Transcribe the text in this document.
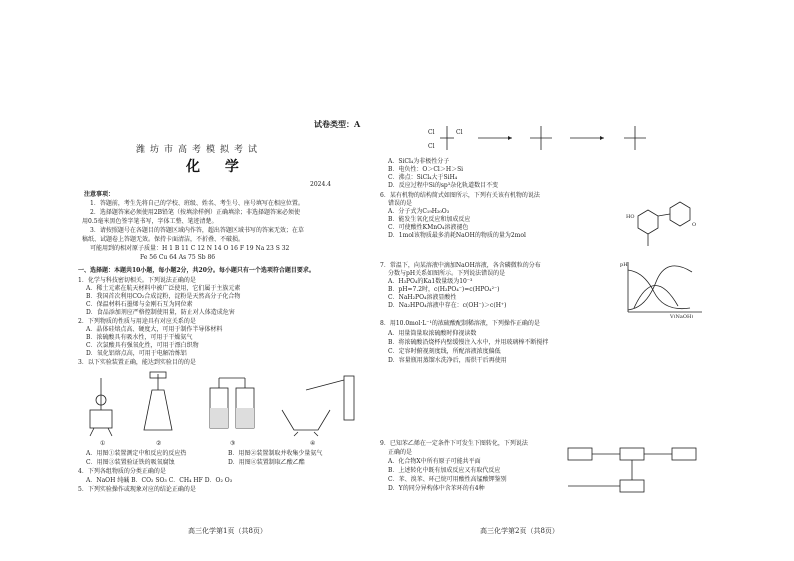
潍坊市高考模拟考试
化 学
2024.4
注意事项：
1．答题前，考生先将自己的学校、班级、姓名、考生号、座号填写在相应位置。
2．选择题答案必须使用2B铅笔（按填涂样例）正确填涂；非选择题答案必须使
用0.5毫米黑色签字笔书写，字体工整、笔迹清楚。
3．请按照题号在各题目的答题区域内作答，超出答题区域书写的答案无效；在草
稿纸、试题卷上答题无效。保持卡面清洁，不折叠、不破损。
可能用到的相对原子质量：H 1 B 11 C 12 N 14 O 16 F 19 Na 23 S 32
Fe 56 Cu 64 As 75 Sb 86
一、选择题：本题共10小题，每小题2分，共20分。每小题只有一个选项符合题目要求。
1．化学与科技密切相关。下列说法正确的是
A．稀土元素在航天材料中被广泛使用，它们属于主族元素
B．我国首次利用CO₂合成淀粉，淀粉是天然高分子化合物
C．保温材料石墨烯与金刚石互为同位素
D．食品添加剂应严格控制使用量，防止对人体造成危害
2．下列物质的性质与用途具有对应关系的是
A．晶体硅熔点高、硬度大，可用于制作半导体材料
B．浓硫酸具有吸水性，可用于干燥氨气
C．次氯酸具有强氧化性，可用于漂白织物
D．氧化铝熔点高，可用于电解冶炼铝
3．以下实验装置正确，能达到实验目的的是
①	②	③	④
A．用图①装置测定中和反应的反应热	B．用图②装置制取并收集少量氨气
C．用图③装置验证铁的吸氧腐蚀	D．用图④装置制取乙酸乙酯
4．下列各组物质的分类正确的是
A．NaOH 纯碱 B．CO₂ SO₃ C．CH₄ HF D．O₂ O₃
5．下列实验操作或现象对应的结论正确的是
高三化学第1页（共8页）
试卷类型：A
Cl	Cl
Cl
A．SiCl₄为非极性分子
B．电负性：O＞Cl＞H＞Si
C．沸点：SiCl₄大于SiH₄
D．反应过程中Si的sp³杂化轨道数目不变
6．某有机物的结构简式如图所示，下列有关该有机物的说法
错误的是
A．分子式为C₁₉H₂₀O₃
B．能发生氧化反应和加成反应
C．可使酸性KMnO₄溶液褪色
D．1mol该物质最多消耗NaOH的物质的量为2mol
HO
O
7．常温下，向某溶液中滴加NaOH溶液，各含磷微粒的分布
分数与pH关系如图所示。下列说法错误的是
A．H₃PO₄的Ka1数量级为10⁻³
B．pH=7.2时，c(H₂PO₄⁻)=c(HPO₄²⁻)
C．NaH₂PO₄溶液显酸性
D．Na₂HPO₄溶液中存在：c(OH⁻)＞c(H⁺)
pH
V(NaOH)
8．用10.0mol·L⁻¹的浓硫酸配制稀溶液，下列操作正确的是
A．用量筒量取浓硫酸时仰视读数
B．将浓硫酸沿烧杯内壁缓慢注入水中，并用玻璃棒不断搅拌
C．定容时俯视刻度线，所配溶液浓度偏低
D．容量瓶用蒸馏水洗净后，需烘干后再使用
9．已知苯乙烯在一定条件下可发生下图转化，下列说法
正确的是
A．化合物X中所有原子可能共平面
B．上述转化中既有加成反应又有取代反应
C．苯、溴苯、环己烷可用酸性高锰酸钾鉴别
D．Y的同分异构体中含苯环的有4种
高三化学第2页（共8页）
